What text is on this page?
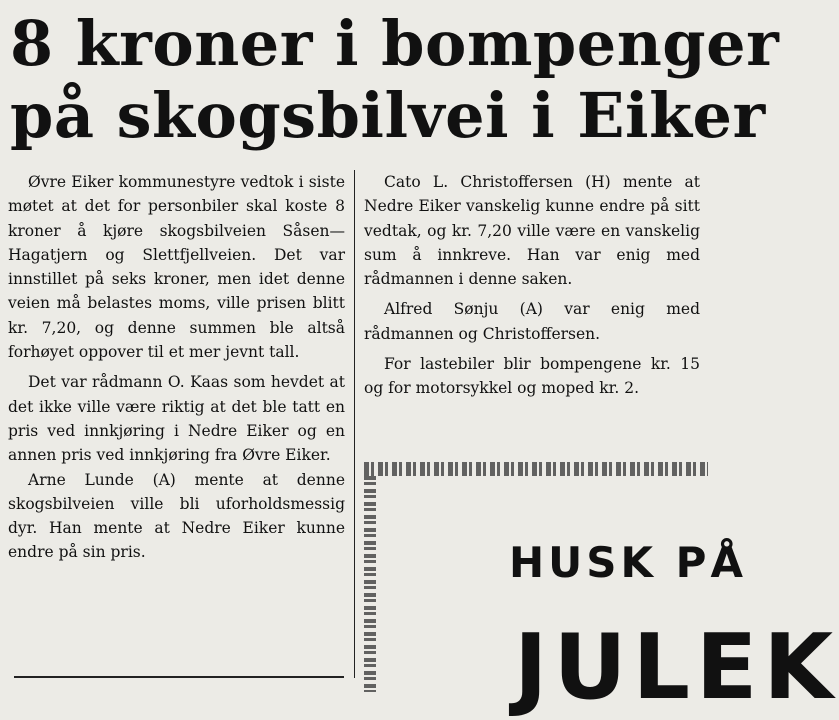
8 kroner i bompenger
på skogsbilvei i Eiker

Øvre Eiker kommunestyre vedtok i siste møtet at det for personbiler skal koste 8 kroner å kjøre skogsbilveien Såsen—Hagatjern og Slettfjellveien. Det var innstillet på seks kroner, men idet denne veien må belastes moms, ville prisen blitt kr. 7,20, og denne summen ble altså forhøyet oppover til et mer jevnt tall.

Det var rådmann O. Kaas som hevdet at det ikke ville være riktig at det ble tatt en pris ved innkjøring i Nedre Eiker og en annen pris ved innkjøring fra Øvre Eiker.

Arne Lunde (A) mente at denne skogsbilveien ville bli uforholdsmessig dyr. Han mente at Nedre Eiker kunne endre på sin pris.

Cato L. Christoffersen (H) mente at Nedre Eiker vanskelig kunne endre på sitt vedtak, og kr. 7,20 ville være en vanskelig sum å innkreve. Han var enig med rådmannen i denne saken.

Alfred Sønju (A) var enig med rådmannen og Christoffersen.

For lastebiler blir bompengene kr. 15 og for motorsykkel og moped kr. 2.

HUSK PÅ
JULEK
